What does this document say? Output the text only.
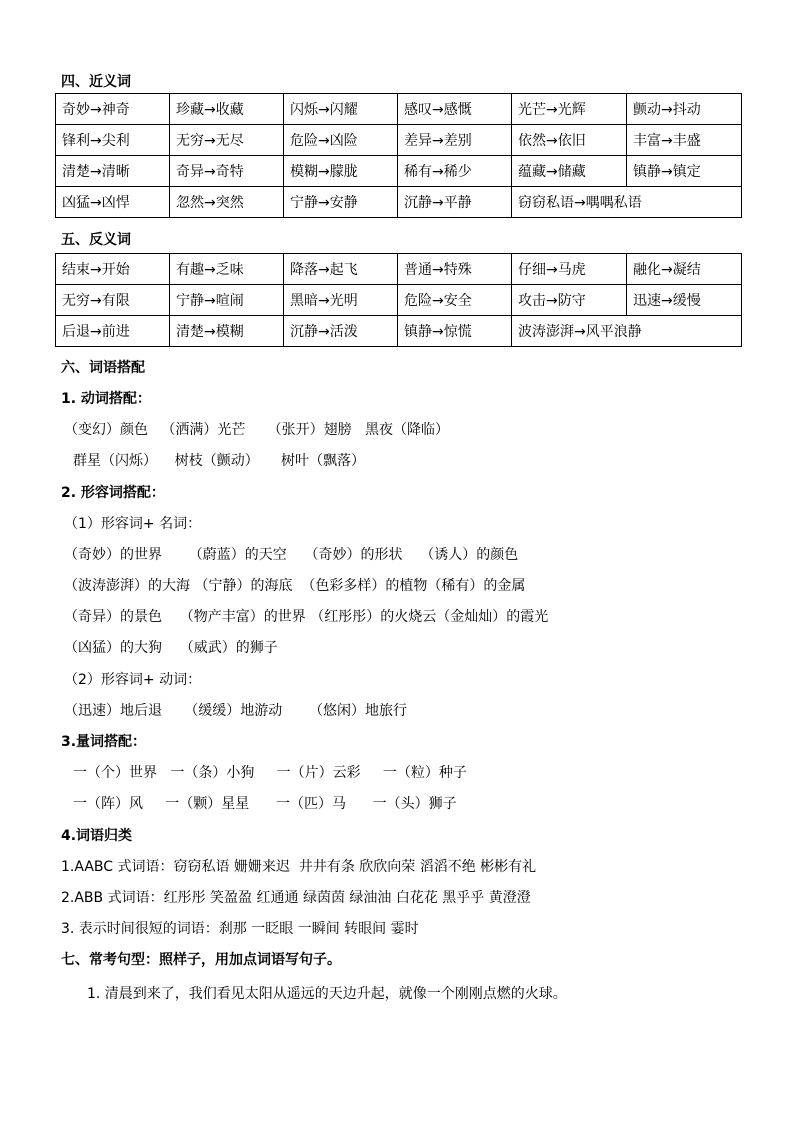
四、近义词
奇妙→神奇	珍藏→收藏	闪烁→闪耀	感叹→感慨	光芒→光辉	颤动→抖动
锋利→尖利	无穷→无尽	危险→凶险	差异→差别	依然→依旧	丰富→丰盛
清楚→清晰	奇异→奇特	模糊→朦胧	稀有→稀少	蕴藏→储藏	镇静→镇定
凶猛→凶悍	忽然→突然	宁静→安静	沉静→平静	窃窃私语→喁喁私语	
五、反义词
结束→开始	有趣→乏味	降落→起飞	普通→特殊	仔细→马虎	融化→凝结
无穷→有限	宁静→喧闹	黑暗→光明	危险→安全	攻击→防守	迅速→缓慢
后退→前进	清楚→模糊	沉静→活泼	镇静→惊慌	波涛澎湃→风平浪静	
六、词语搭配
1. 动词搭配：
（变幻）颜色   （洒满）光芒     （张开）翅膀   黑夜（降临）
群星（闪烁）    树枝（颤动）     树叶（飘落）
2. 形容词搭配：
（1）形容词+ 名词：
（奇妙）的世界      （蔚蓝）的天空    （奇妙）的形状    （诱人）的颜色
（波涛澎湃）的大海 （宁静）的海底  （色彩多样）的植物（稀有）的金属
（奇异）的景色    （物产丰富）的世界 （红彤彤）的火烧云（金灿灿）的霞光
（凶猛）的大狗    （威武）的狮子
（2）形容词+ 动词：
（迅速）地后退     （缓缓）地游动      （悠闲）地旅行
3.量词搭配：
一（个）世界   一（条）小狗     一（片）云彩     一（粒）种子
一（阵）风     一（颗）星星      一（匹）马      一（头）狮子
4.词语归类
1.AABC 式词语：窃窃私语 姗姗来迟  井井有条 欣欣向荣 滔滔不绝 彬彬有礼
2.ABB 式词语：红彤彤 笑盈盈 红通通 绿茵茵 绿油油 白花花 黑乎乎 黄澄澄
3. 表示时间很短的词语：刹那 一眨眼 一瞬间 转眼间 霎时
七、常考句型：照样子，用加点词语写句子。
1. 清晨到来了，我们看见太阳从遥远的天边升起，就像一个刚刚点燃的火球。
